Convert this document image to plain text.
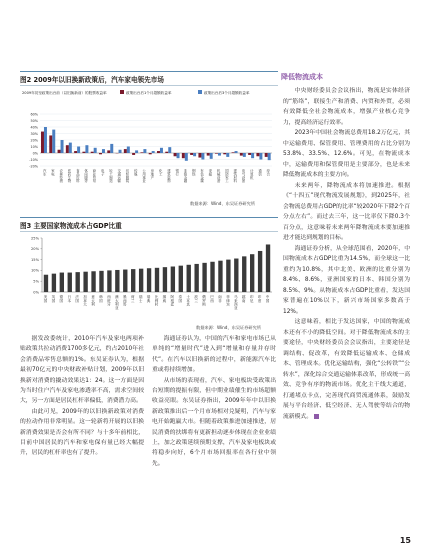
图2 2009年以旧换新政策后，汽车家电领先市场
2009年初至政策出台前（以旧换新前）的股票收益率	政策出台后1个月超额收益率	政策出台后3个月超额收益率
-20%
-10%
0%
10%
20%
30%
40%
50%
60%
汽车 家电 农林牧渔 医药生物 食品饮料 休闲服务 商业贸易 电子 轻工制造 交通运输 纺织服装 传媒 公用事业 房地产 化工 建筑装饰 银行 非银金融 钢铁 有色金属 采掘 机械设备 国防军工 建筑材料 电气设备 计算机 通信 综合
数据来源：Wind、东吴证券研究所
图3 主要国家物流成本占GDP比重
0%
5%
10%
15%
20%
25%
美国	英国	德国	日本	法国	加拿大	意大利	韩国	西班牙	澳大利亚	墨西哥	荷兰	瑞士	瑞典	比利时	挪威	阿根廷	泰国	土耳其	波兰	俄罗斯	巴西	南非	菲律宾	马来西亚	越南	印尼	印度	中国
数据来源：Wind，东吴证券研究所

据发改委统计，2010年汽车及家电两项补贴政策共拉动消费1700多亿元，约占2010年社会消费品零售总额的1%。东吴证券认为，根据最初70亿元的中央财政补贴计划，2009年以旧换新对消费的撬动效果达1：24。这一方面是因为当时住户汽车及家电渗透率不高，需求空间较大，另一方面是居民杠杆率偏低，消费潜力高。

由此可见，2009年的以旧换新政策对消费的拉动作用非常明显。这一轮新将开展的以旧换新消费效果是否会有所不同？与十多年前相比，目前中国居民的汽车和家电保有量已经大幅提升，居民的杠杆率也有了提升。

海通证券认为，中国的汽车和家电市场已从单纯的“增量时代”进入到“增量和存量并存时代”。在汽车以旧换新的过程中，新能源汽车比重或将持续增加。

从市场的表现看，汽车、家电板块受政策出台短期的提振有限，但中期业绩催生的市场超额收益亮眼。东吴证券指出，2009年年中以旧换新政策推出后一个月市场相对兑疑明，汽车与家电开始跑赢大市。但随着政策推进加速推进，居民消费的扶绑将有更新担动逐步体现在企业业绩上，加之政策延续预期支撑，汽车及家电板块或将稳步向好，6个月市场回报率在各行业中领先。

降低物流成本

中央财经委员会会议指出，物流是实体经济的“筋络”，联接生产和消费、内贸和外贸，必须有效降低全社会物流成本，增强产业核心竞争力，提高经济运行效率。

2023年中国社会物流总费用18.2万亿元，其中运输费用、保管费用、管理费用的占比分别为53.8%、33.5%、12.6%。可见，在物流成本中，运输费用和保管费用是主要部分，也是未来降低物流成本的主要方向。

未来两年，降物流成本将加速推进。根据《“十四五”现代物流发展规划》，到2025年，社会物流总费用占GDP的比率“较2020年下降2个百分点左右”。而过去三年，这一比率仅下降0.3个百分点，这意味着未来两年降物流成本要加速推进才能达到规划的目标。

海通证券分析，从全球范围看，2020年，中国物流成本占GDP比重为14.5%，而全球这一比重约为10.8%，其中北美、欧洲的比重分别为8.4%、8.6%，亚洲国家的日本、韩国分别为8.5%、9%。从物流成本占GDP比重看，发达国家普遍在10%以下，新兴市场国家多数高于12%。

这意味着，相比于发达国家，中国的物流成本还有不小的降低空间。对于降低物流成本的主要途径，中央财经委员会会议指出，主要途径是调结构、促改革，有效降低运输成本、仓储成本、管理成本。优化运输结构，强化“公转铁”“公转水”，深化综合交通运输体系改革，形成统一高效、竞争有序的物流市场。优化主干线大通道，打通堵点卡点，完善现代商贸流通体系，鼓励发展与平台经济、低空经济、无人驾驶等结合的物流新模式。

15
